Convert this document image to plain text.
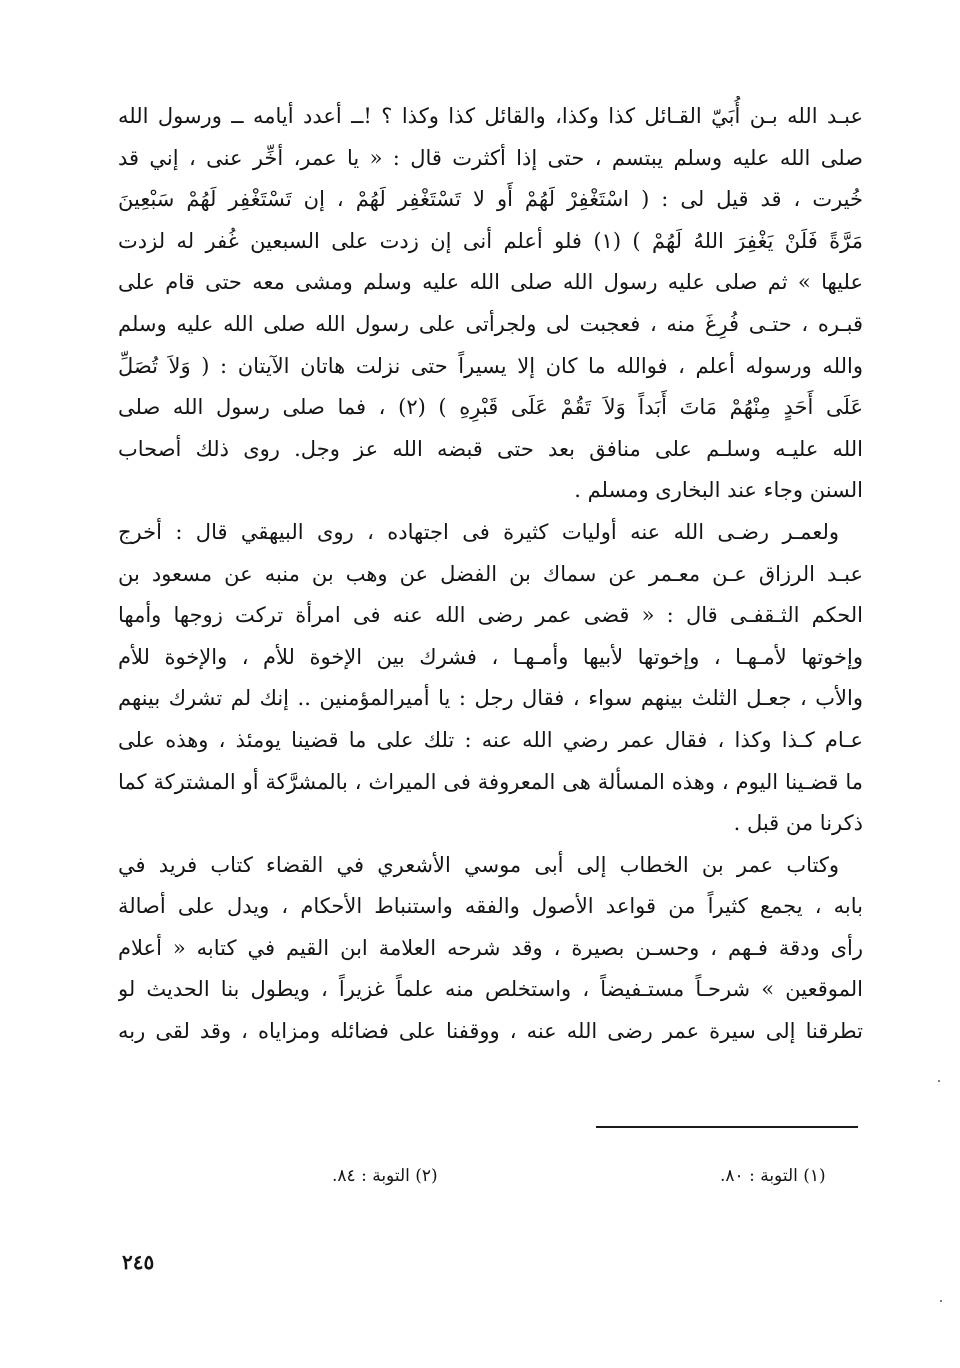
عبـد الله بـن أُبَيّ القـائل كذا وكذا، والقائل كذا وكذا ؟ !ــ أعدد أيامه ــ ورسول الله
صلى الله عليه وسلم يبتسم ، حتى إذا أكثرت قال : « يا عمر، أخِّر عنى ، إني قد
خُيرت ، قد قيل لى : ( اسْتَغْفِرْ لَهُمْ أَو لا تَسْتَغْفِر لَهُمْ ، إن تَسْتَغْفِر لَهُمْ سَبْعِينَ
مَرَّةً فَلَنْ يَغْفِرَ اللهُ لَهُمْ ) (١) فلو أعلم أنى إن زدت على السبعين غُفر له لزدت
عليها » ثم صلى عليه رسول الله صلى الله عليه وسلم ومشى معه حتى قام على
قبـره ، حتـى فُرِغَ منه ، فعجبت لى ولجرأتى على رسول الله صلى الله عليه وسلم
والله ورسوله أعلم ، فوالله ما كان إلا يسيراً حتى نزلت هاتان الآيتان : ( وَلاَ تُصَلِّ
عَلَى أَحَدٍ مِنْهُمْ مَاتَ أَبَداً وَلاَ تَقُمْ عَلَى قَبْرِهِ ) (٢) ، فما صلى رسول الله صلى
الله عليـه وسلـم على منافق بعد حتى قبضه الله عز وجل. روى ذلك أصحاب
السنن وجاء عند البخارى ومسلم .
ولعمـر رضـى الله عنه أوليات كثيرة فى اجتهاده ، روى البيهقي قال : أخرج
عبـد الرزاق عـن معـمر عن سماك بن الفضل عن وهب بن منبه عن مسعود بن
الحكم الثـقفـى قال : « قضى عمر رضى الله عنه فى امرأة تركت زوجها وأمها
وإخوتها لأمـهـا ، وإخوتها لأبيها وأمـهـا ، فشرك بين الإخوة للأم ، والإخوة للأم
والأب ، جعـل الثلث بينهم سواء ، فقال رجل : يا أميرالمؤمنين .. إنك لم تشرك بينهم
عـام كـذا وكذا ، فقال عمر رضي الله عنه : تلك على ما قضينا يومئذ ، وهذه على
ما قضـينا اليوم ، وهذه المسألة هى المعروفة فى الميراث ، بالمشرَّكة أو المشتركة كما
ذكرنا من قبل .
وكتاب عمر بن الخطاب إلى أبى موسي الأشعري في القضاء كتاب فريد في
بابه ، يجمع كثيراً من قواعد الأصول والفقه واستنباط الأحكام ، ويدل على أصالة
رأى ودقة فـهم ، وحسـن بصيرة ، وقد شرحه العلامة ابن القيم في كتابه « أعلام
الموقعين » شرحـاً مستـفيضاً ، واستخلص منه علماً غزيراً ، ويطول بنا الحديث لو
تطرقنا إلى سيرة عمر رضى الله عنه ، ووقفنا على فضائله ومزاياه ، وقد لقى ربه
(١) التوبة : ٨٠.
(٢) التوبة : ٨٤.
٢٤٥
